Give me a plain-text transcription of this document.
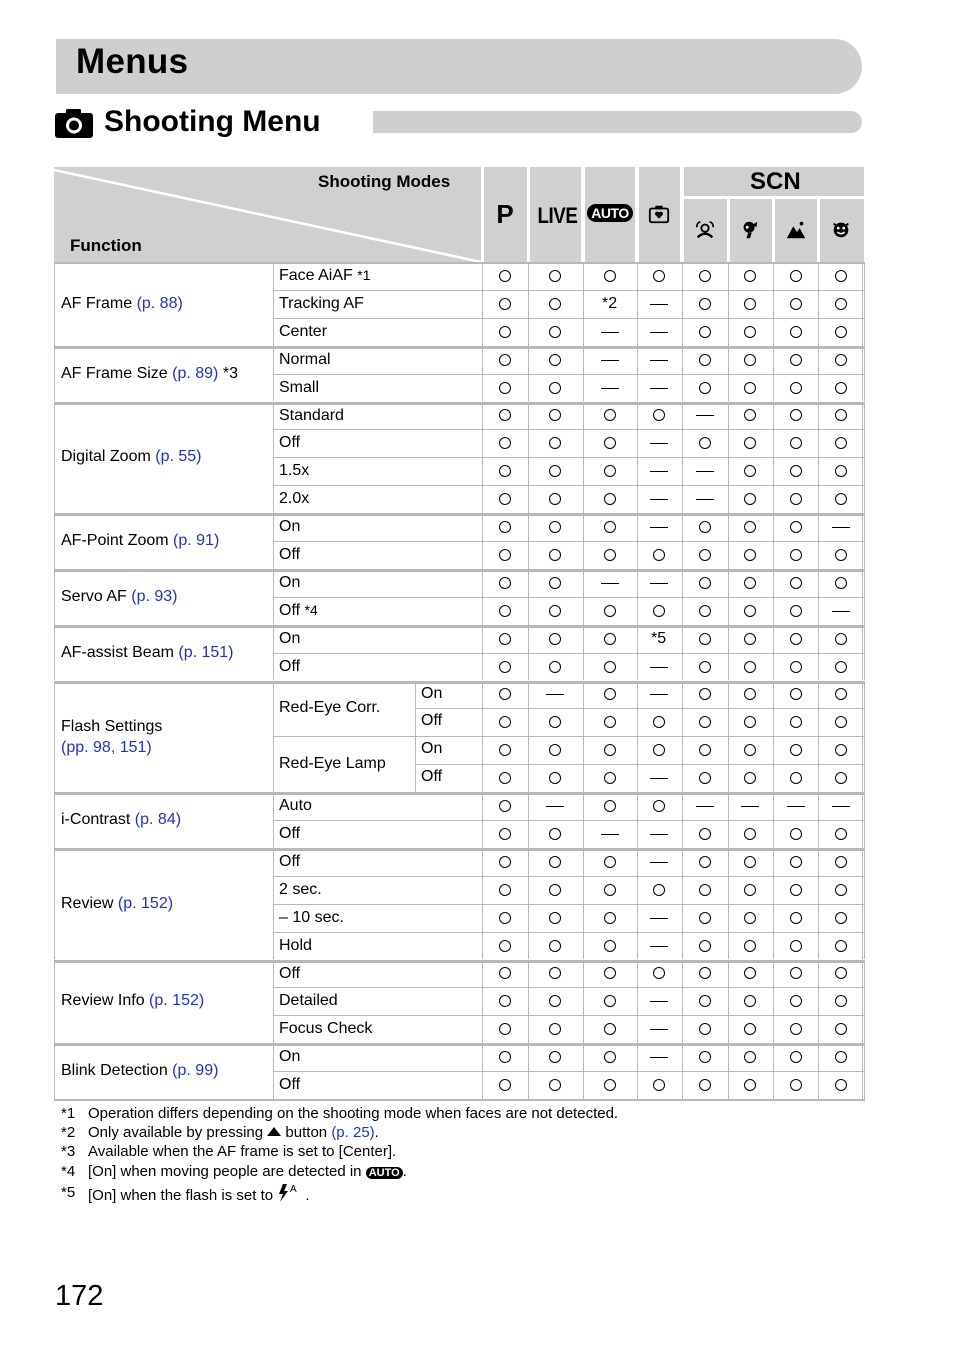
Menus
Shooting Menu
Shooting Modes
Function
SCN
P LIVE AUTO
AF Frame (p. 88)
Face AiAF *1
Tracking AF	*2
Center
AF Frame Size (p. 89) *3
Normal
Small
Digital Zoom (p. 55)
Standard
Off
1.5x
2.0x
AF-Point Zoom (p. 91)
On
Off
Servo AF (p. 93)
On
Off *4
AF-assist Beam (p. 151)
On	*5
Off
Flash Settings
(pp. 98, 151)
Red-Eye Corr.
On
Off
Red-Eye Lamp
On
Off
i-Contrast (p. 84)
Auto
Off
Review (p. 152)
Off
2 sec.
– 10 sec.
Hold
Review Info (p. 152)
Off
Detailed
Focus Check
Blink Detection (p. 99)
On
Off
*1 Operation differs depending on the shooting mode when faces are not detected.
*2 Only available by pressing  button (p. 25).
*3 Available when the AF frame is set to [Center].
*4 [On] when moving people are detected in AUTO .
*5 [On] when the flash is set to A .
172
